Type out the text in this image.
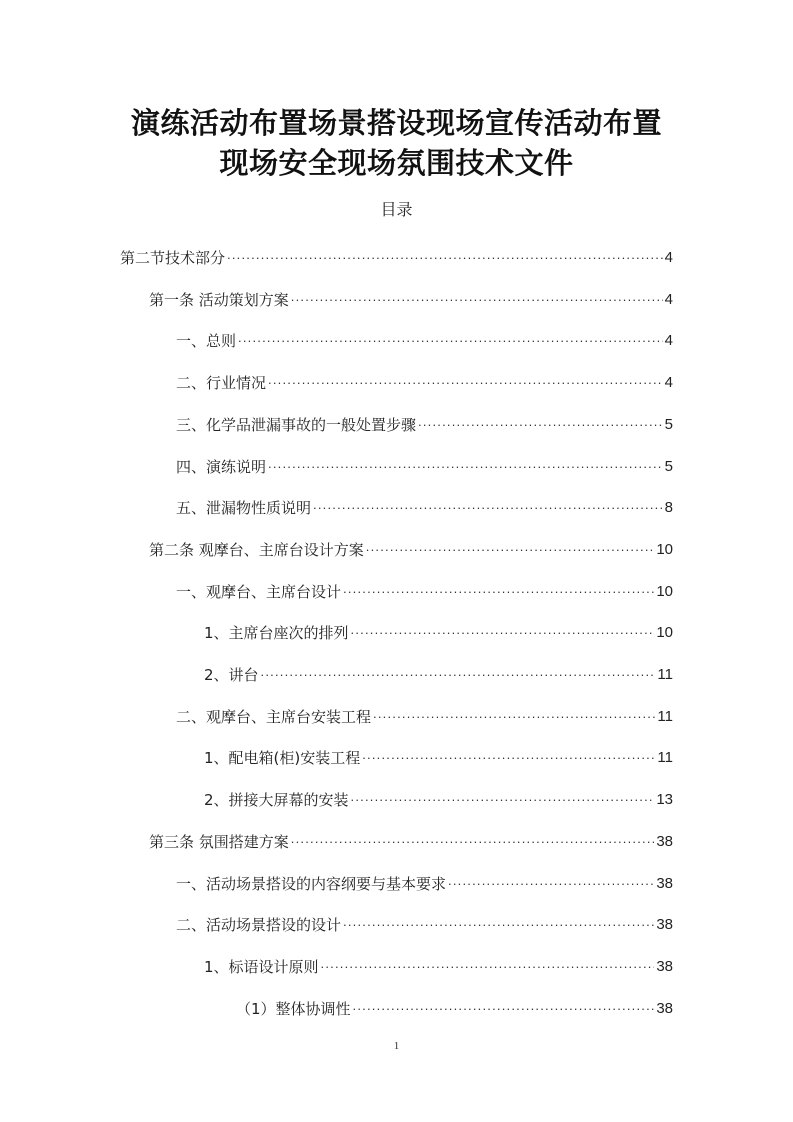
演练活动布置场景搭设现场宣传活动布置
现场安全现场氛围技术文件
目录
第二节技术部分 .....	4
第一条 活动策划方案 .....	4
一、总则 .....	4
二、行业情况 .....	4
三、化学品泄漏事故的一般处置步骤 .....	5
四、演练说明 .....	5
五、泄漏物性质说明 .....	8
第二条 观摩台、主席台设计方案 .....	10
一、观摩台、主席台设计 .....	10
1、主席台座次的排列 .....	10
2、讲台 .....	11
二、观摩台、主席台安装工程 .....	11
1、配电箱(柜)安装工程 .....	11
2、拼接大屏幕的安装 .....	13
第三条 氛围搭建方案 .....	38
一、活动场景搭设的内容纲要与基本要求 .....	38
二、活动场景搭设的设计 .....	38
1、标语设计原则 .....	38
（1）整体协调性 .....	38
1
